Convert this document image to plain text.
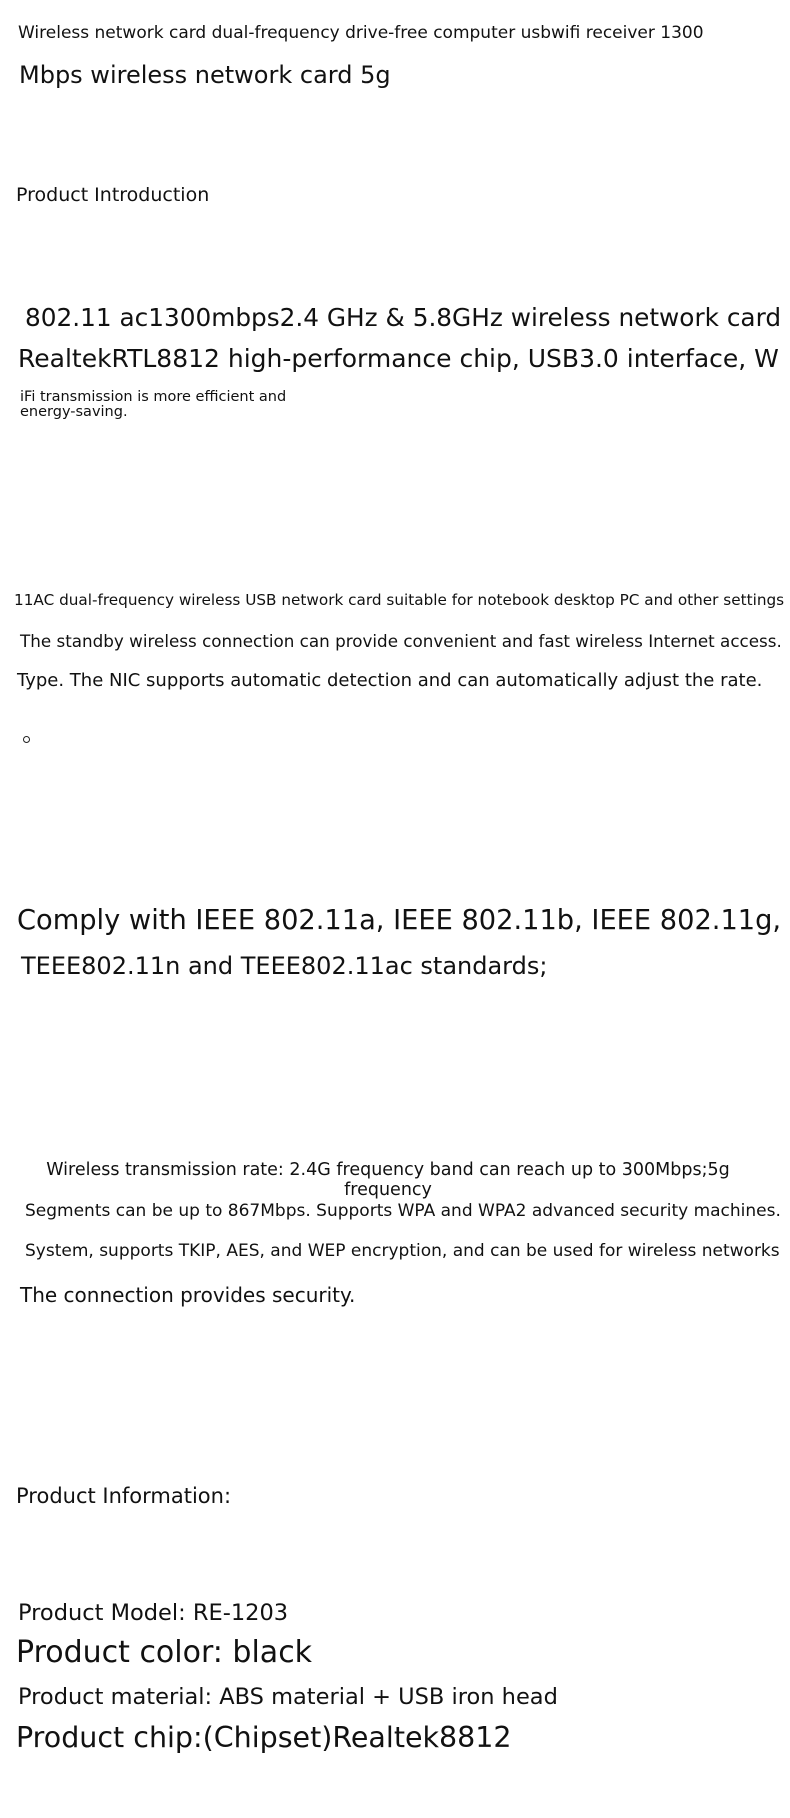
Wireless network card dual-frequency drive-free computer usbwifi receiver 1300
Mbps wireless network card 5g
Product Introduction
802.11 ac1300mbps2.4 GHz & 5.8GHz wireless network card
RealtekRTL8812 high-performance chip, USB3.0 interface, W
iFi transmission is more efficient and
energy-saving.
11AC dual-frequency wireless USB network card suitable for notebook desktop PC and other settings
The standby wireless connection can provide convenient and fast wireless Internet access.
Type. The NIC supports automatic detection and can automatically adjust the rate.
Comply with IEEE 802.11a, IEEE 802.11b, IEEE 802.11g,
TEEE802.11n and TEEE802.11ac standards;
Wireless transmission rate: 2.4G frequency band can reach up to 300Mbps;5g
frequency
Segments can be up to 867Mbps. Supports WPA and WPA2 advanced security machines.
System, supports TKIP, AES, and WEP encryption, and can be used for wireless networks
The connection provides security.
Product Information:
Product Model: RE-1203
Product color: black
Product material: ABS material + USB iron head
Product chip:(Chipset)Realtek8812
